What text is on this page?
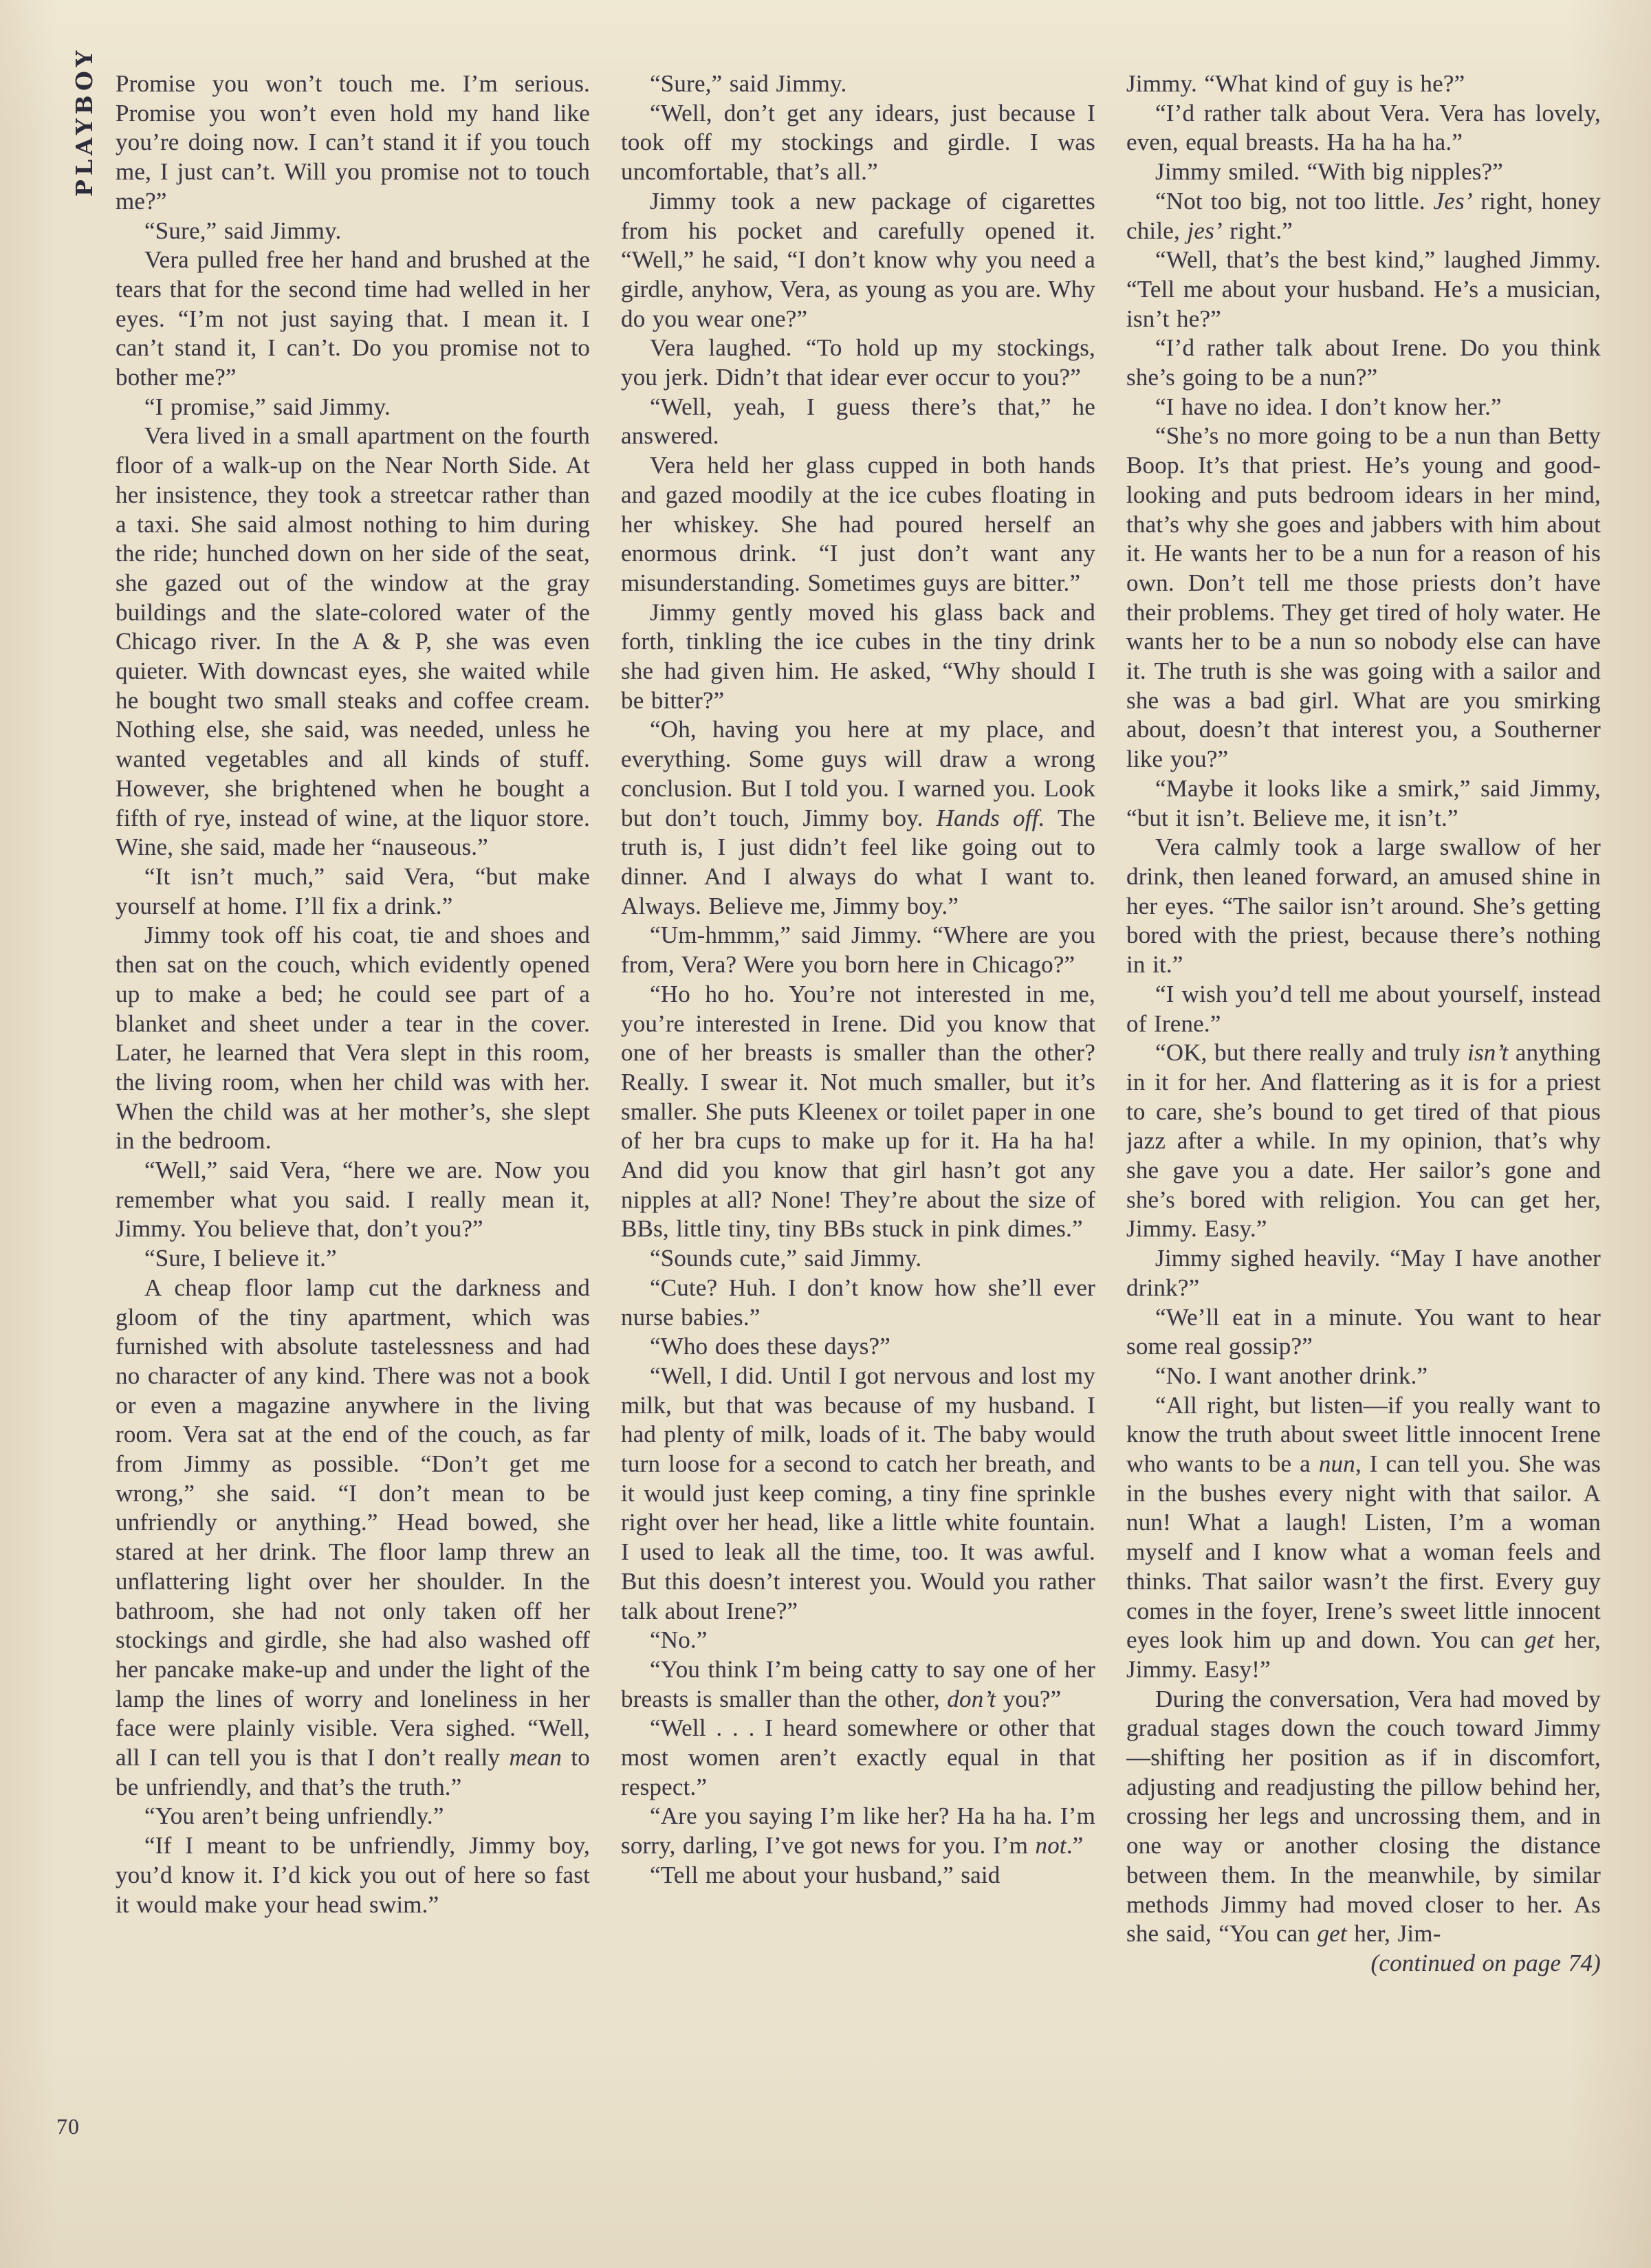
PLAYBOY Promise you won’t touch me. I’m serious. Promise you won’t even hold my hand like you’re doing now. I can’t stand it if you touch me, I just can’t. Will you promise not to touch me?”

“Sure,” said Jimmy.

Vera pulled free her hand and brushed at the tears that for the second time had welled in her eyes. “I’m not just saying that. I mean it. I can’t stand it, I can’t. Do you promise not to bother me?”

“I promise,” said Jimmy.

Vera lived in a small apartment on the fourth floor of a walk-up on the Near North Side. At her insistence, they took a streetcar rather than a taxi. She said almost nothing to him during the ride; hunched down on her side of the seat, she gazed out of the window at the gray buildings and the slate-colored water of the Chicago river. In the A & P, she was even quieter. With downcast eyes, she waited while he bought two small steaks and coffee cream. Nothing else, she said, was needed, unless he wanted vegetables and all kinds of stuff. However, she brightened when he bought a fifth of rye, instead of wine, at the liquor store. Wine, she said, made her “nauseous.”

“It isn’t much,” said Vera, “but make yourself at home. I’ll fix a drink.”

Jimmy took off his coat, tie and shoes and then sat on the couch, which evidently opened up to make a bed; he could see part of a blanket and sheet under a tear in the cover. Later, he learned that Vera slept in this room, the living room, when her child was with her. When the child was at her mother’s, she slept in the bedroom.

“Well,” said Vera, “here we are. Now you remember what you said. I really mean it, Jimmy. You believe that, don’t you?”

“Sure, I believe it.”

A cheap floor lamp cut the darkness and gloom of the tiny apartment, which was furnished with absolute tastelessness and had no character of any kind. There was not a book or even a magazine anywhere in the living room. Vera sat at the end of the couch, as far from Jimmy as possible. “Don’t get me wrong,” she said. “I don’t mean to be unfriendly or anything.” Head bowed, she stared at her drink. The floor lamp threw an unflattering light over her shoulder. In the bathroom, she had not only taken off her stockings and girdle, she had also washed off her pancake make-up and under the light of the lamp the lines of worry and loneliness in her face were plainly visible. Vera sighed. “Well, all I can tell you is that I don’t really mean to be unfriendly, and that’s the truth.”

“You aren’t being unfriendly.”

“If I meant to be unfriendly, Jimmy boy, you’d know it. I’d kick you out of here so fast it would make your head swim.”

“Sure,” said Jimmy.

“Well, don’t get any idears, just because I took off my stockings and girdle. I was uncomfortable, that’s all.”

Jimmy took a new package of cigarettes from his pocket and carefully opened it. “Well,” he said, “I don’t know why you need a girdle, anyhow, Vera, as young as you are. Why do you wear one?”

Vera laughed. “To hold up my stockings, you jerk. Didn’t that idear ever occur to you?”

“Well, yeah, I guess there’s that,” he answered.

Vera held her glass cupped in both hands and gazed moodily at the ice cubes floating in her whiskey. She had poured herself an enormous drink. “I just don’t want any misunderstanding. Sometimes guys are bitter.”

Jimmy gently moved his glass back and forth, tinkling the ice cubes in the tiny drink she had given him. He asked, “Why should I be bitter?”

“Oh, having you here at my place, and everything. Some guys will draw a wrong conclusion. But I told you. I warned you. Look but don’t touch, Jimmy boy. Hands off. The truth is, I just didn’t feel like going out to dinner. And I always do what I want to. Always. Believe me, Jimmy boy.”

“Um-hmmm,” said Jimmy. “Where are you from, Vera? Were you born here in Chicago?”

“Ho ho ho. You’re not interested in me, you’re interested in Irene. Did you know that one of her breasts is smaller than the other? Really. I swear it. Not much smaller, but it’s smaller. She puts Kleenex or toilet paper in one of her bra cups to make up for it. Ha ha ha! And did you know that girl hasn’t got any nipples at all? None! They’re about the size of BBs, little tiny, tiny BBs stuck in pink dimes.”

“Sounds cute,” said Jimmy.

“Cute? Huh. I don’t know how she’ll ever nurse babies.”

“Who does these days?”

“Well, I did. Until I got nervous and lost my milk, but that was because of my husband. I had plenty of milk, loads of it. The baby would turn loose for a second to catch her breath, and it would just keep coming, a tiny fine sprinkle right over her head, like a little white fountain. I used to leak all the time, too. It was awful. But this doesn’t interest you. Would you rather talk about Irene?”

“No.”

“You think I’m being catty to say one of her breasts is smaller than the other, don’t you?”

“Well . . . I heard somewhere or other that most women aren’t exactly equal in that respect.”

“Are you saying I’m like her? Ha ha ha. I’m sorry, darling, I’ve got news for you. I’m not.”

“Tell me about your husband,” said

Jimmy. “What kind of guy is he?”

“I’d rather talk about Vera. Vera has lovely, even, equal breasts. Ha ha ha ha.”

Jimmy smiled. “With big nipples?”

“Not too big, not too little. Jes’ right, honey chile, jes’ right.”

“Well, that’s the best kind,” laughed Jimmy. “Tell me about your husband. He’s a musician, isn’t he?”

“I’d rather talk about Irene. Do you think she’s going to be a nun?”

“I have no idea. I don’t know her.”

“She’s no more going to be a nun than Betty Boop. It’s that priest. He’s young and good-looking and puts bedroom idears in her mind, that’s why she goes and jabbers with him about it. He wants her to be a nun for a reason of his own. Don’t tell me those priests don’t have their problems. They get tired of holy water. He wants her to be a nun so nobody else can have it. The truth is she was going with a sailor and she was a bad girl. What are you smirking about, doesn’t that interest you, a Southerner like you?”

“Maybe it looks like a smirk,” said Jimmy, “but it isn’t. Believe me, it isn’t.”

Vera calmly took a large swallow of her drink, then leaned forward, an amused shine in her eyes. “The sailor isn’t around. She’s getting bored with the priest, because there’s nothing in it.”

“I wish you’d tell me about yourself, instead of Irene.”

“OK, but there really and truly isn’t anything in it for her. And flattering as it is for a priest to care, she’s bound to get tired of that pious jazz after a while. In my opinion, that’s why she gave you a date. Her sailor’s gone and she’s bored with religion. You can get her, Jimmy. Easy.”

Jimmy sighed heavily. “May I have another drink?”

“We’ll eat in a minute. You want to hear some real gossip?”

“No. I want another drink.”

“All right, but listen—if you really want to know the truth about sweet little innocent Irene who wants to be a nun, I can tell you. She was in the bushes every night with that sailor. A nun! What a laugh! Listen, I’m a woman myself and I know what a woman feels and thinks. That sailor wasn’t the first. Every guy comes in the foyer, Irene’s sweet little innocent eyes look him up and down. You can get her, Jimmy. Easy!”

During the conversation, Vera had moved by gradual stages down the couch toward Jimmy—shifting her position as if in discomfort, adjusting and readjusting the pillow behind her, crossing her legs and uncrossing them, and in one way or another closing the distance between them. In the meanwhile, by similar methods Jimmy had moved closer to her. As she said, “You can get her, Jim-

(continued on page 74)

70
